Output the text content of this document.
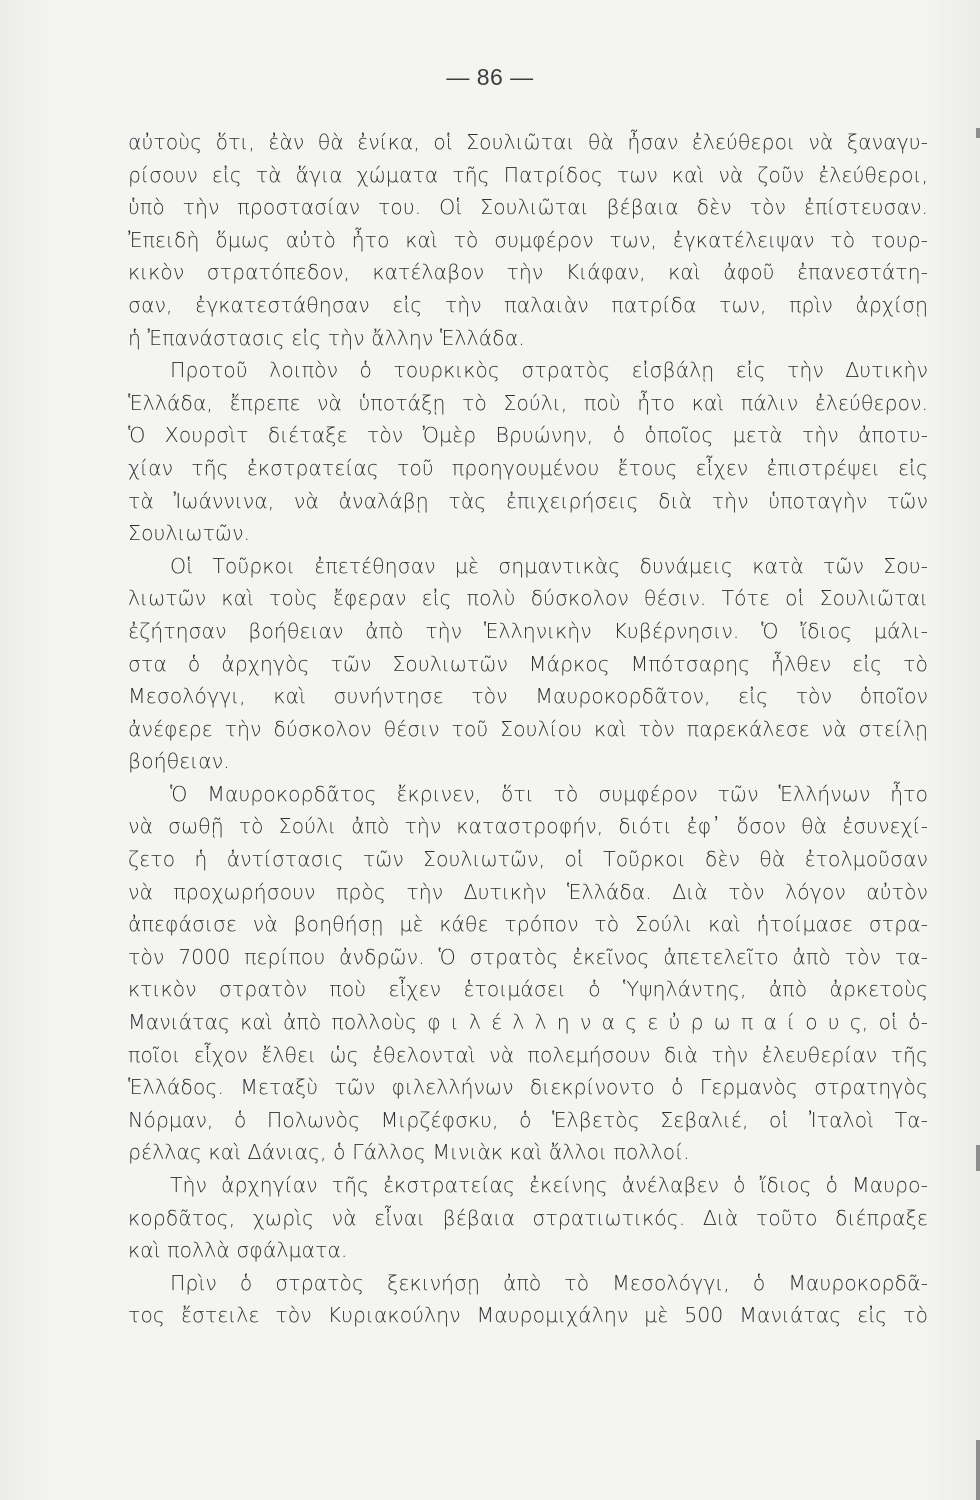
— 86 —
αὐτοὺς ὅτι, ἐὰν θὰ ἐνίκα, οἱ Σουλιῶται θὰ ἦσαν ἐλεύθεροι νὰ ξαναγυ-
ρίσουν εἰς τὰ ἅγια χώματα τῆς Πατρίδος των καὶ νὰ ζοῦν ἐλεύθεροι,
ὑπὸ τὴν προστασίαν του. Οἱ Σουλιῶται βέβαια δὲν τὸν ἐπίστευσαν.
Ἐπειδὴ ὅμως αὐτὸ ἦτο καὶ τὸ συμφέρον των, ἐγκατέλειψαν τὸ τουρ-
κικὸν στρατόπεδον, κατέλαβον τὴν Κιάφαν, καὶ ἀφοῦ ἐπανεστάτη-
σαν, ἐγκατεστάθησαν εἰς τὴν παλαιὰν πατρίδα των, πρὶν ἀρχίσῃ
ἡ Ἐπανάστασις εἰς τὴν ἄλλην Ἑλλάδα.
Προτοῦ λοιπὸν ὁ τουρκικὸς στρατὸς εἰσβάλῃ εἰς τὴν Δυτικὴν
Ἑλλάδα, ἔπρεπε νὰ ὑποτάξῃ τὸ Σούλι, ποὺ ἦτο καὶ πάλιν ἐλεύθερον.
Ὁ Χουρσὶτ διέταξε τὸν Ὀμὲρ Βρυώνην, ὁ ὁποῖος μετὰ τὴν ἀποτυ-
χίαν τῆς ἐκστρατείας τοῦ προηγουμένου ἔτους εἶχεν ἐπιστρέψει εἰς
τὰ Ἰωάννινα, νὰ ἀναλάβῃ τὰς ἐπιχειρήσεις διὰ τὴν ὑποταγὴν τῶν
Σουλιωτῶν.
Οἱ Τοῦρκοι ἐπετέθησαν μὲ σημαντικὰς δυνάμεις κατὰ τῶν Σου-
λιωτῶν καὶ τοὺς ἔφεραν εἰς πολὺ δύσκολον θέσιν. Τότε οἱ Σουλιῶται
ἐζήτησαν βοήθειαν ἀπὸ τὴν Ἑλληνικὴν Κυβέρνησιν. Ὁ ἴδιος μάλι-
στα ὁ ἀρχηγὸς τῶν Σουλιωτῶν Μάρκος Μπότσαρης ἦλθεν εἰς τὸ
Μεσολόγγι, καὶ συνήντησε τὸν Μαυροκορδᾶτον, εἰς τὸν ὁποῖον
ἀνέφερε τὴν δύσκολον θέσιν τοῦ Σουλίου καὶ τὸν παρεκάλεσε νὰ στείλῃ
βοήθειαν.
Ὁ Μαυροκορδᾶτος ἔκρινεν, ὅτι τὸ συμφέρον τῶν Ἑλλήνων ἦτο
νὰ σωθῇ τὸ Σούλι ἀπὸ τὴν καταστροφήν, διότι ἐφ᾽ ὅσον θὰ ἐσυνεχί-
ζετο ἡ ἀντίστασις τῶν Σουλιωτῶν, οἱ Τοῦρκοι δὲν θὰ ἐτολμοῦσαν
νὰ προχωρήσουν πρὸς τὴν Δυτικὴν Ἑλλάδα. Διὰ τὸν λόγον αὐτὸν
ἀπεφάσισε νὰ βοηθήσῃ μὲ κάθε τρόπον τὸ Σούλι καὶ ἡτοίμασε στρα-
τὸν 7000 περίπου ἀνδρῶν. Ὁ στρατὸς ἐκεῖνος ἀπετελεῖτο ἀπὸ τὸν τα-
κτικὸν στρατὸν ποὺ εἶχεν ἑτοιμάσει ὁ Ὑψηλάντης, ἀπὸ ἀρκετοὺς
Μανιάτας καὶ ἀπὸ πολλοὺς φ ι λ έ λ λ η ν α ς ε ὐ ρ ω π α ί ο υ ς, οἱ ὁ-
ποῖοι εἶχον ἔλθει ὡς ἐθελονταὶ νὰ πολεμήσουν διὰ τὴν ἐλευθερίαν τῆς
Ἑλλάδος. Μεταξὺ τῶν φιλελλήνων διεκρίνοντο ὁ Γερμανὸς στρατηγὸς
Νόρμαν, ὁ Πολωνὸς Μιρζέφσκυ, ὁ Ἑλβετὸς Σεβαλιέ, οἱ Ἰταλοὶ Τα-
ρέλλας καὶ Δάνιας, ὁ Γάλλος Μινιὰκ καὶ ἄλλοι πολλοί.
Τὴν ἀρχηγίαν τῆς ἐκστρατείας ἐκείνης ἀνέλαβεν ὁ ἴδιος ὁ Μαυρο-
κορδᾶτος, χωρὶς νὰ εἶναι βέβαια στρατιωτικός. Διὰ τοῦτο διέπραξε
καὶ πολλὰ σφάλματα.
Πρὶν ὁ στρατὸς ξεκινήσῃ ἀπὸ τὸ Μεσολόγγι, ὁ Μαυροκορδᾶ-
τος ἔστειλε τὸν Κυριακούλην Μαυρομιχάλην μὲ 500 Μανιάτας εἰς τὸ
